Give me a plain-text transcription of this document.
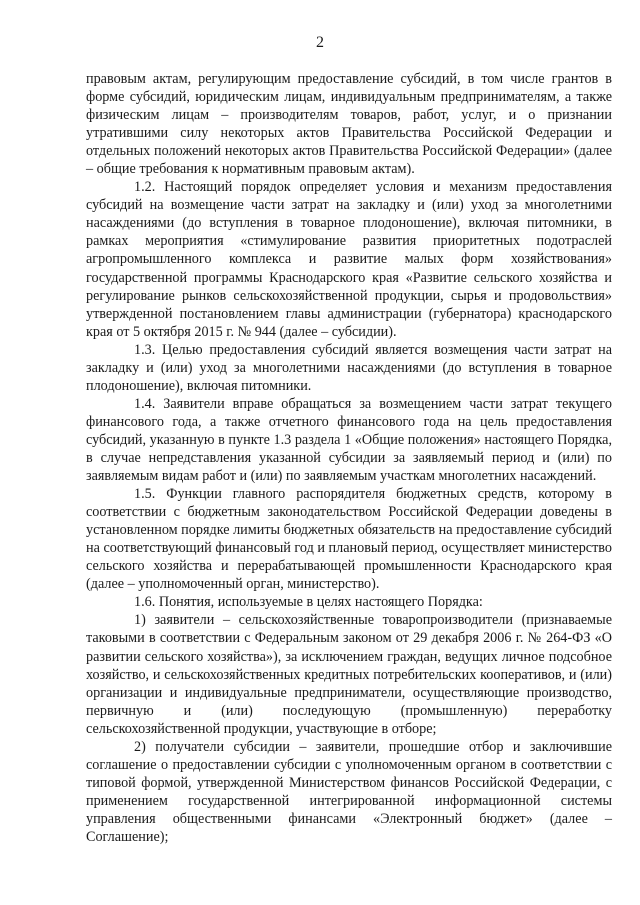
2

правовым актам, регулирующим предоставление субсидий, в том числе грантов в форме субсидий, юридическим лицам, индивидуальным предпринимателям, а также физическим лицам – производителям товаров, работ, услуг, и о признании утратившими силу некоторых актов Правительства Российской Федерации и отдельных положений некоторых актов Правительства Российской Федерации» (далее – общие требования к нормативным правовым актам).

1.2. Настоящий порядок определяет условия и механизм предоставления субсидий на возмещение части затрат на закладку и (или) уход за многолетними насаждениями (до вступления в товарное плодоношение), включая питомники, в рамках мероприятия «стимулирование развития приоритетных подотраслей агропромышленного комплекса и развитие малых форм хозяйствования» государственной программы Краснодарского края «Развитие сельского хозяйства и регулирование рынков сельскохозяйственной продукции, сырья и продовольствия» утвержденной постановлением главы администрации (губернатора) краснодарского края от 5 октября 2015 г. № 944 (далее – субсидии).

1.3. Целью предоставления субсидий является возмещения части затрат на закладку и (или) уход за многолетними насаждениями (до вступления в товарное плодоношение), включая питомники.

1.4. Заявители вправе обращаться за возмещением части затрат текущего финансового года, а также отчетного финансового года на цель предоставления субсидий, указанную в пункте 1.3 раздела 1 «Общие положения» настоящего Порядка, в случае непредставления указанной субсидии за заявляемый период и (или) по заявляемым видам работ и (или) по заявляемым участкам многолетних насаждений.

1.5. Функции главного распорядителя бюджетных средств, которому в соответствии с бюджетным законодательством Российской Федерации доведены в установленном порядке лимиты бюджетных обязательств на предоставление субсидий на соответствующий финансовый год и плановый период, осуществляет министерство сельского хозяйства и перерабатывающей промышленности Краснодарского края (далее – уполномоченный орган, министерство).

1.6. Понятия, используемые в целях настоящего Порядка:

1) заявители – сельскохозяйственные товаропроизводители (признаваемые таковыми в соответствии с Федеральным законом от 29 декабря 2006 г. № 264-ФЗ «О развитии сельского хозяйства»), за исключением граждан, ведущих личное подсобное хозяйство, и сельскохозяйственных кредитных потребительских кооперативов, и (или) организации и индивидуальные предприниматели, осуществляющие производство, первичную и (или) последующую (промышленную) переработку сельскохозяйственной продукции, участвующие в отборе;

2) получатели субсидии – заявители, прошедшие отбор и заключившие соглашение о предоставлении субсидии с уполномоченным органом в соответствии с типовой формой, утвержденной Министерством финансов Российской Федерации, с применением государственной интегрированной информационной системы управления общественными финансами «Электронный бюджет» (далее – Соглашение);
